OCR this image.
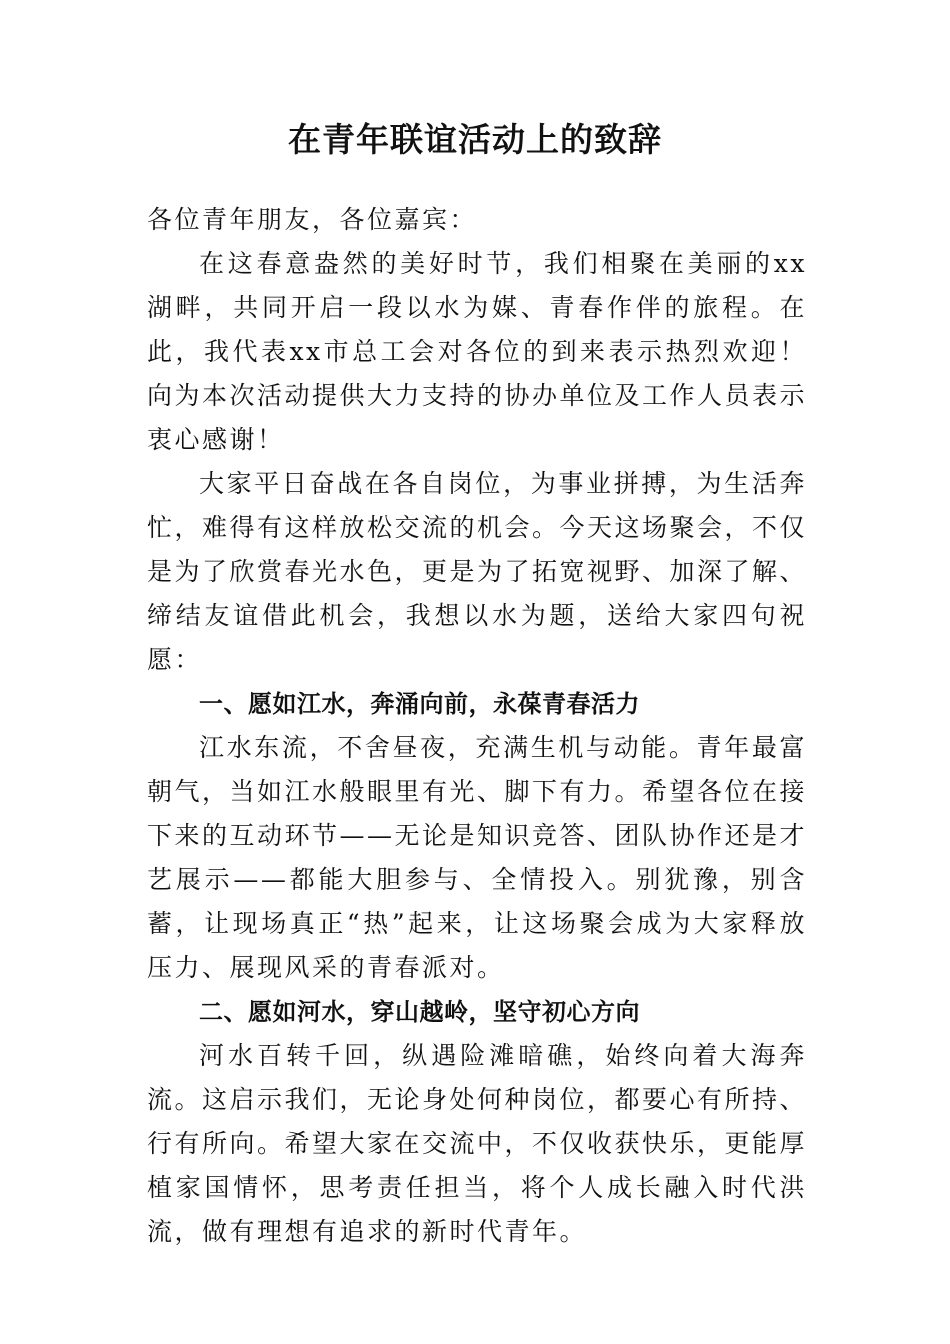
在青年联谊活动上的致辞

各位青年朋友，各位嘉宾：

在这春意盎然的美好时节，我们相聚在美丽的xx湖畔，共同开启一段以水为媒、青春作伴的旅程。在此，我代表xx市总工会对各位的到来表示热烈欢迎！向为本次活动提供大力支持的协办单位及工作人员表示衷心感谢！

大家平日奋战在各自岗位，为事业拼搏，为生活奔忙，难得有这样放松交流的机会。今天这场聚会，不仅是为了欣赏春光水色，更是为了拓宽视野、加深了解、缔结友谊借此机会，我想以水为题，送给大家四句祝愿：

一、愿如江水，奔涌向前，永葆青春活力

江水东流，不舍昼夜，充满生机与动能。青年最富朝气，当如江水般眼里有光、脚下有力。希望各位在接下来的互动环节——无论是知识竞答、团队协作还是才艺展示——都能大胆参与、全情投入。别犹豫，别含蓄，让现场真正“热”起来，让这场聚会成为大家释放压力、展现风采的青春派对。

二、愿如河水，穿山越岭，坚守初心方向

河水百转千回，纵遇险滩暗礁，始终向着大海奔流。这启示我们，无论身处何种岗位，都要心有所持、行有所向。希望大家在交流中，不仅收获快乐，更能厚植家国情怀，思考责任担当，将个人成长融入时代洪流，做有理想有追求的新时代青年。
